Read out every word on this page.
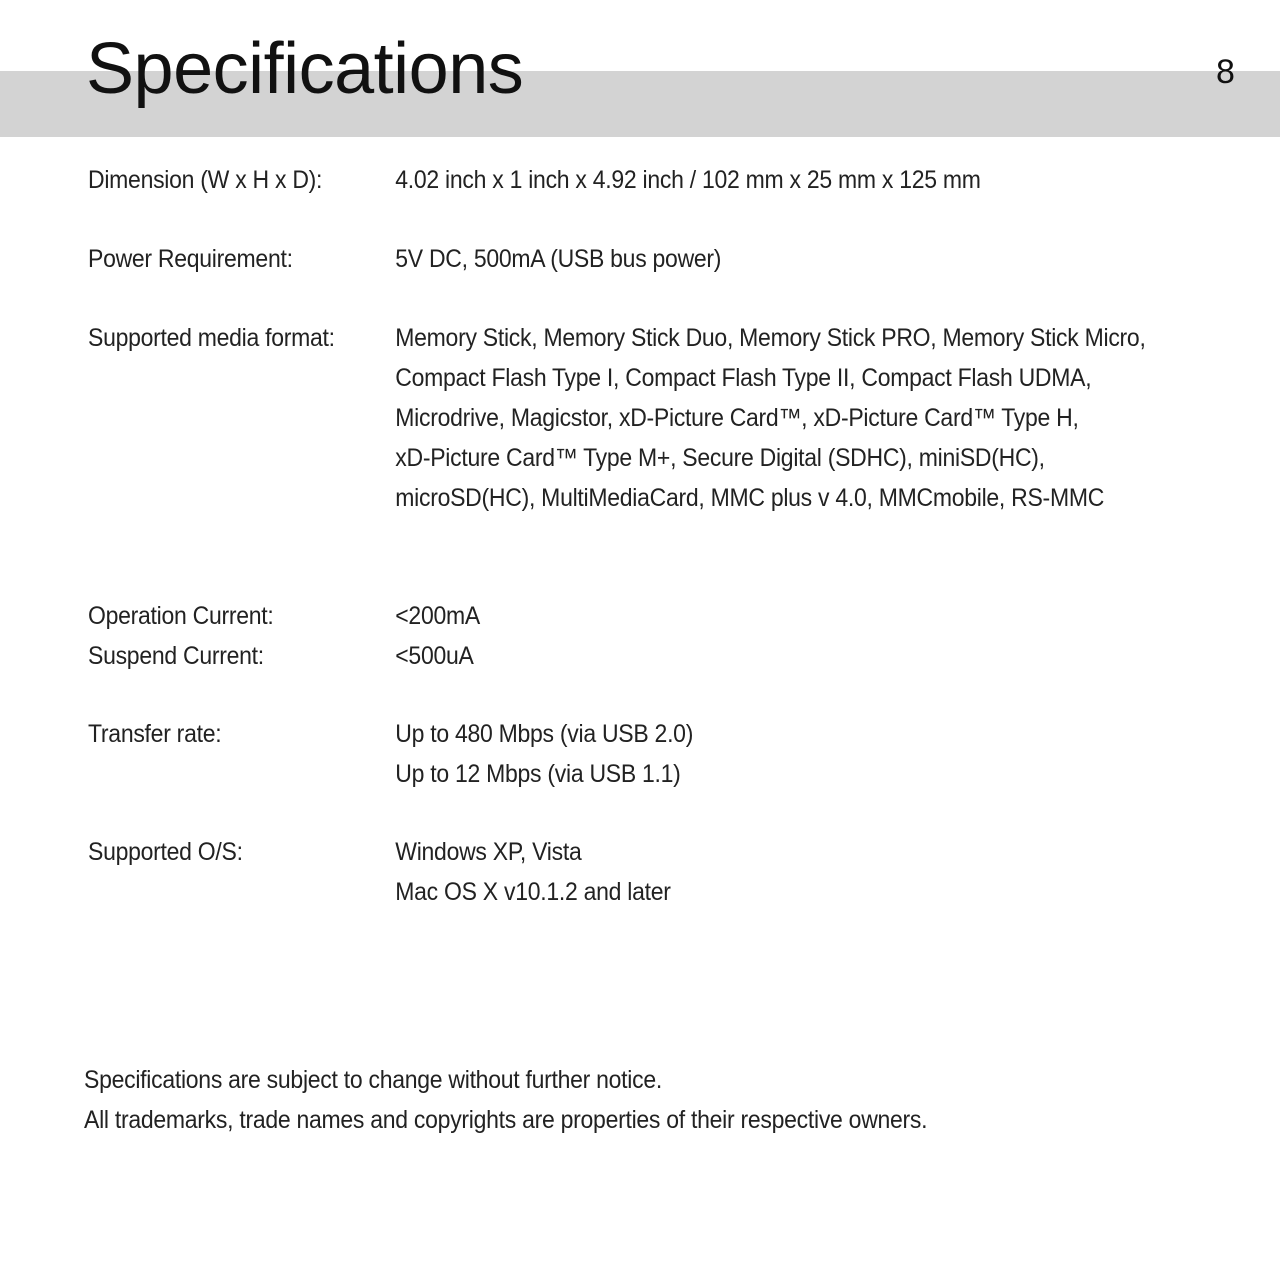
Specifications	8
Dimension (W x H x D):	4.02 inch x 1 inch x 4.92 inch / 102 mm x 25 mm x 125 mm
Power Requirement:	5V DC, 500mA (USB bus power)
Supported media format:	Memory Stick, Memory Stick Duo, Memory Stick PRO, Memory Stick Micro,
Compact Flash Type I, Compact Flash Type II, Compact Flash UDMA,
Microdrive, Magicstor, xD-Picture Card™, xD-Picture Card™ Type H,
xD-Picture Card™ Type M+, Secure Digital (SDHC), miniSD(HC),
microSD(HC), MultiMediaCard, MMC plus v 4.0, MMCmobile, RS-MMC
Operation Current:	<200mA
Suspend Current:	<500uA
Transfer rate:	Up to 480 Mbps (via USB 2.0)
Up to 12 Mbps (via USB 1.1)
Supported O/S:	Windows XP, Vista
Mac OS X v10.1.2 and later
Specifications are subject to change without further notice.
All trademarks, trade names and copyrights are properties of their respective owners.
